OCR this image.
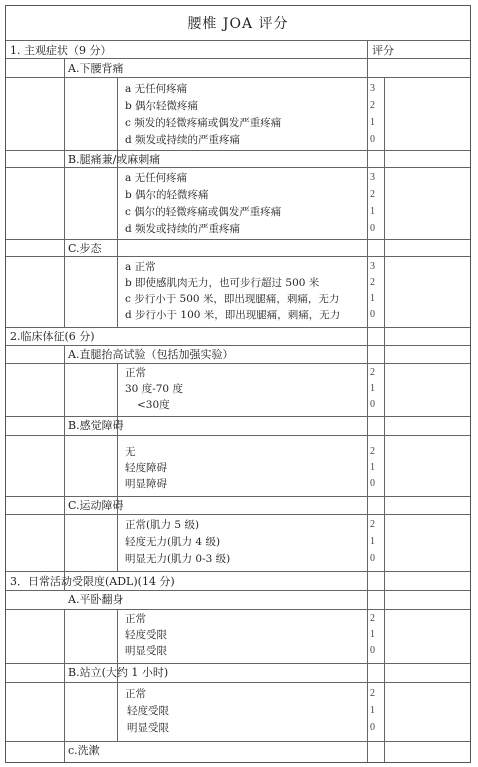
腰椎 JOA 评分
1. 主观症状（9 分）	评分
A.下腰背痛
a 无任何疼痛
b 偶尔轻微疼痛
c 频发的轻微疼痛或偶发严重疼痛
d 频发或持续的严重疼痛
3
2
1
0
B.腿痛兼/或麻刺痛
a 无任何疼痛
b 偶尔的轻微疼痛
c 偶尔的轻微疼痛或偶发严重疼痛
d 频发或持续的严重疼痛
3
2
1
0
C.步态
a 正常
b 即使感肌肉无力，也可步行超过 500 米
c 步行小于 500 米，即出现腿痛，刺痛，无力
d 步行小于 100 米，即出现腿痛，刺痛，无力
3
2
1
0
2.临床体征(6 分)
A.直腿抬高试验（包括加强实验）
正常
30 度-70 度
<30度
2
1
0
B.感觉障碍
无
轻度障碍
明显障碍
2
1
0
C.运动障碍
正常(肌力 5 级)
轻度无力(肌力 4 级)
明显无力(肌力 0-3 级)
2
1
0
3．日常活动受限度(ADL)(14 分)
A.平卧翻身
正常
轻度受限
明显受限
2
1
0
B.站立(大约 1 小时)
正常
轻度受限
明显受限
2
1
0
c.洗漱
